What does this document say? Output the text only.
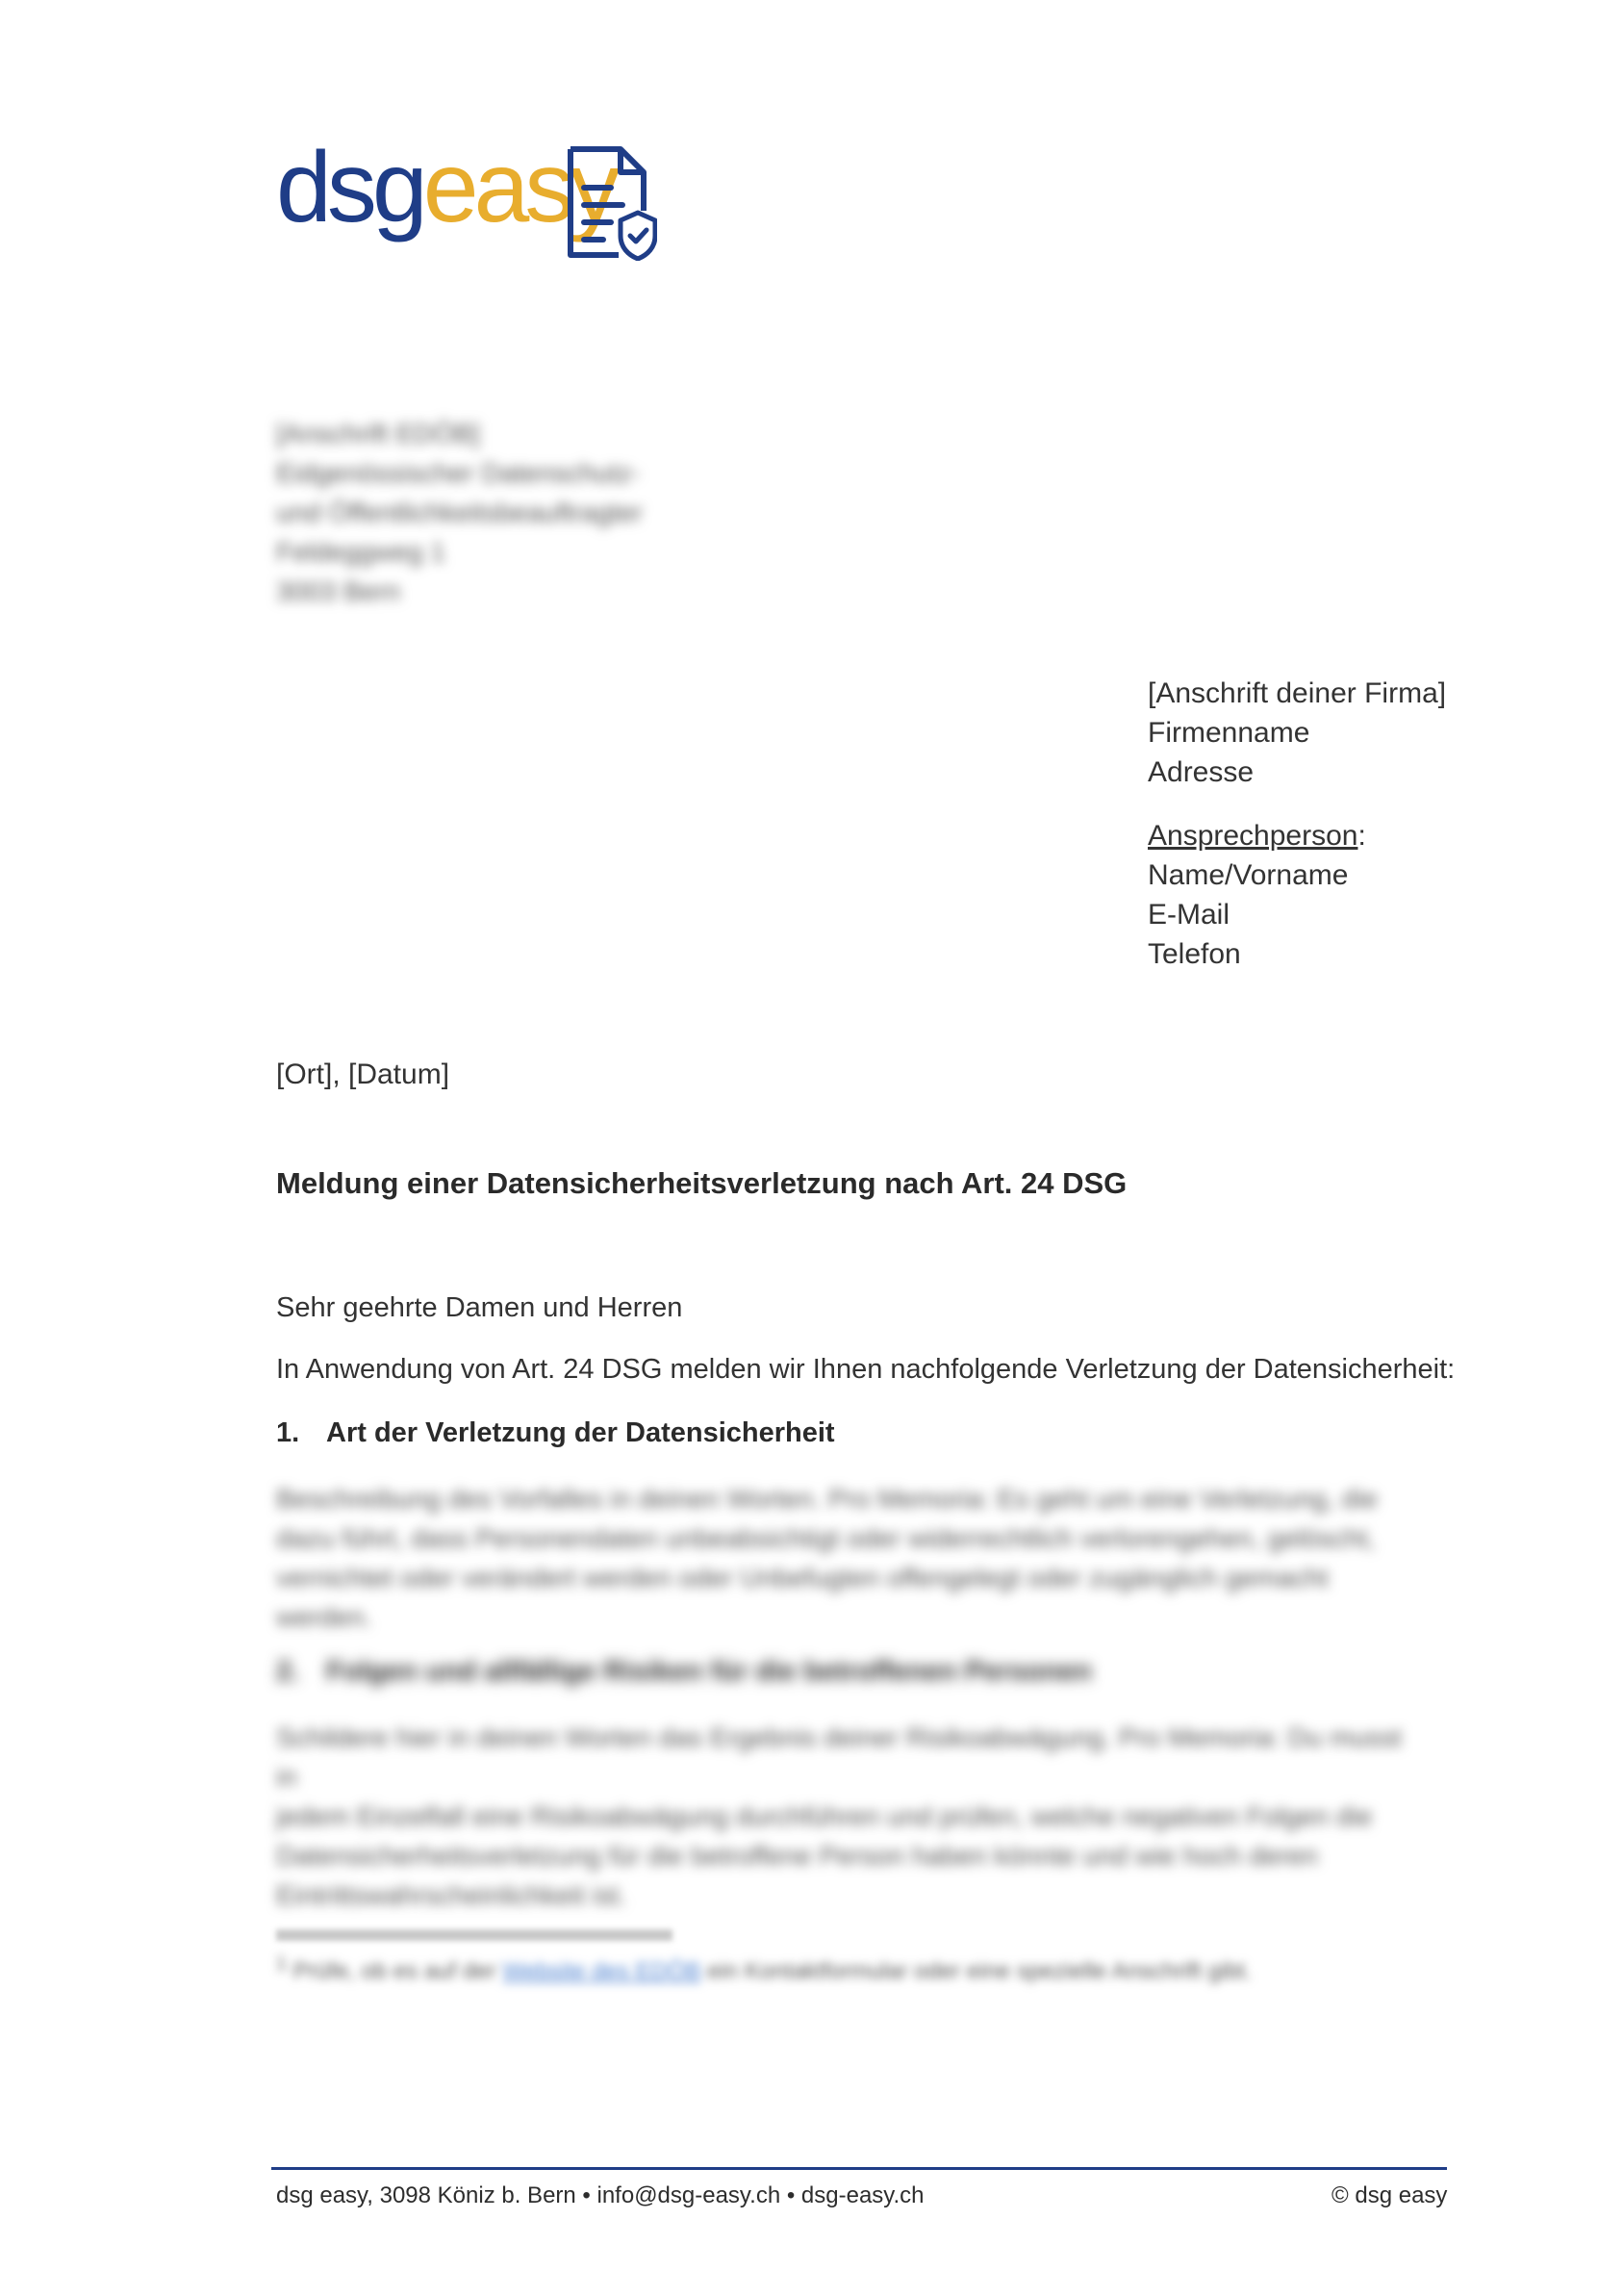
dsgeasy
[Anschrift EDÖB]
Eidgenössischer Datenschutz-
und Öffentlichkeitsbeauftragter
Feldeggweg 1
3003 Bern
[Anschrift deiner Firma]
Firmenname
Adresse
Ansprechperson:
Name/Vorname
E-Mail
Telefon
[Ort], [Datum]
Meldung einer Datensicherheitsverletzung nach Art. 24 DSG
Sehr geehrte Damen und Herren
In Anwendung von Art. 24 DSG melden wir Ihnen nachfolgende Verletzung der Datensicherheit:
1. Art der Verletzung der Datensicherheit
Beschreibung des Vorfalles in deinen Worten. Pro Memoria: Es geht um eine Verletzung, die
dazu führt, dass Personendaten unbeabsichtigt oder widerrechtlich verlorengehen, gelöscht,
vernichtet oder verändert werden oder Unbefugten offengelegt oder zugänglich gemacht
werden.
2. Folgen und allfällige Risiken für die betroffenen Personen
Schildere hier in deinen Worten das Ergebnis deiner Risikoabwägung. Pro Memoria: Du musst in
jedem Einzelfall eine Risikoabwägung durchführen und prüfen, welche negativen Folgen die
Datensicherheitsverletzung für die betroffene Person haben könnte und wie hoch deren
Eintrittswahrscheinlichkeit ist.
$^1$ Prüfe, ob es auf der Website des EDÖB ein Kontaktformular oder eine spezielle Anschrift gibt.
dsg easy, 3098 Köniz b. Bern • info@dsg-easy.ch • dsg-easy.ch	© dsg easy
